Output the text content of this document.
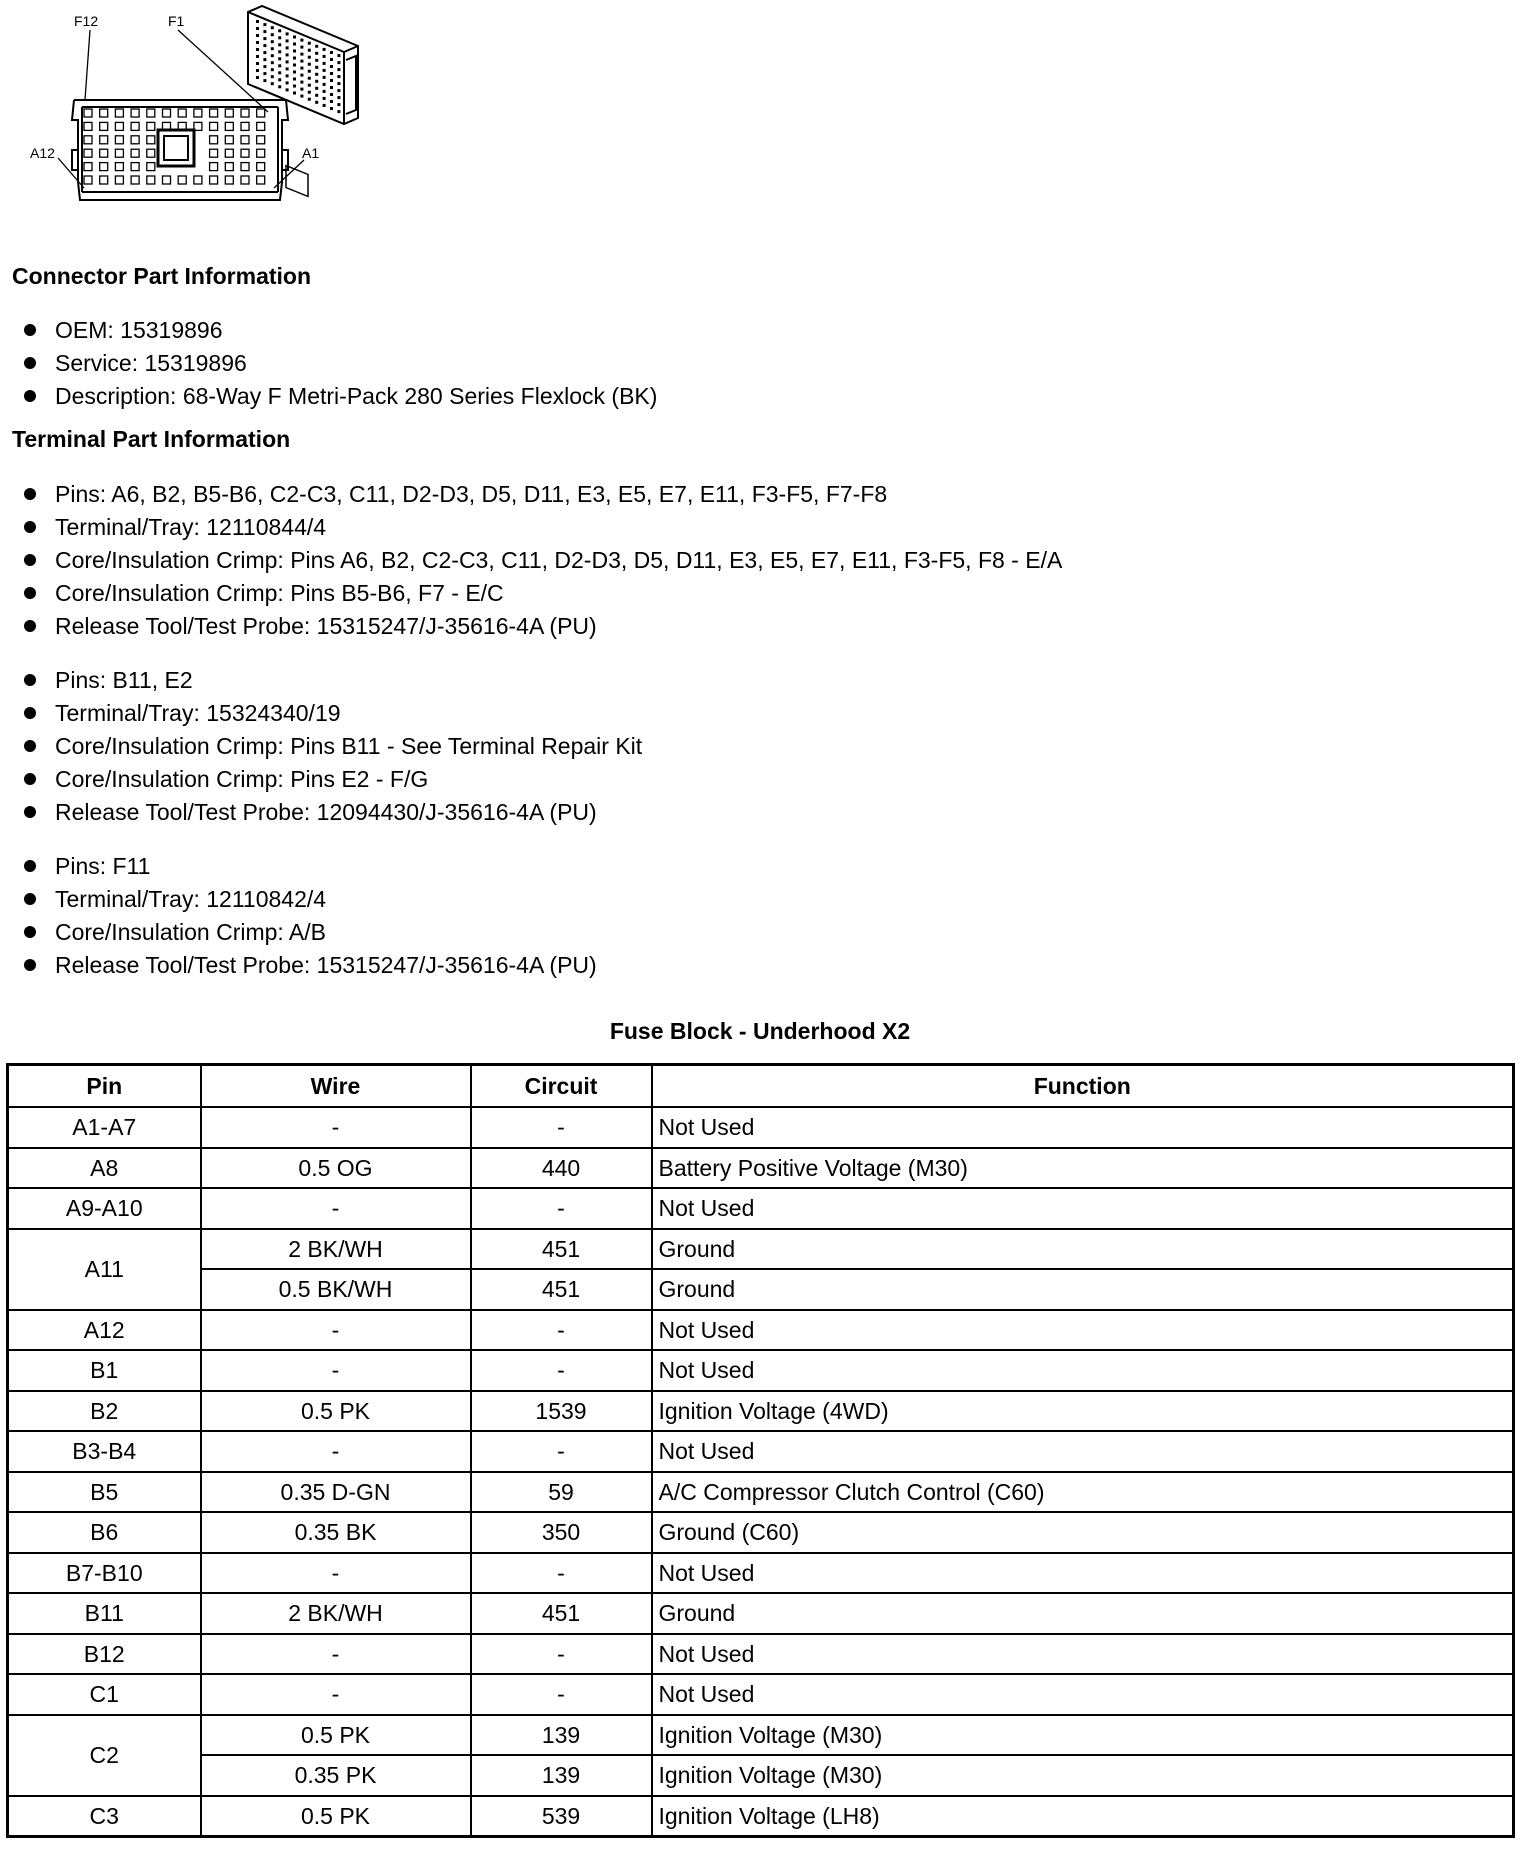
F12	F1
A12	A1
Connector Part Information
OEM: 15319896
Service: 15319896
Description: 68-Way F Metri-Pack 280 Series Flexlock (BK)
Terminal Part Information
Pins: A6, B2, B5-B6, C2-C3, C11, D2-D3, D5, D11, E3, E5, E7, E11, F3-F5, F7-F8
Terminal/Tray: 12110844/4
Core/Insulation Crimp: Pins A6, B2, C2-C3, C11, D2-D3, D5, D11, E3, E5, E7, E11, F3-F5, F8 - E/A
Core/Insulation Crimp: Pins B5-B6, F7 - E/C
Release Tool/Test Probe: 15315247/J-35616-4A (PU)
Pins: B11, E2
Terminal/Tray: 15324340/19
Core/Insulation Crimp: Pins B11 - See Terminal Repair Kit
Core/Insulation Crimp: Pins E2 - F/G
Release Tool/Test Probe: 12094430/J-35616-4A (PU)
Pins: F11
Terminal/Tray: 12110842/4
Core/Insulation Crimp: A/B
Release Tool/Test Probe: 15315247/J-35616-4A (PU)
Fuse Block - Underhood X2
Pin	Wire	Circuit	Function
A1-A7	-	-	Not Used
A8	0.5 OG	440	Battery Positive Voltage (M30)
A9-A10	-	-	Not Used
A11	2 BK/WH	451	Ground
	0.5 BK/WH	451	Ground
A12	-	-	Not Used
B1	-	-	Not Used
B2	0.5 PK	1539	Ignition Voltage (4WD)
B3-B4	-	-	Not Used
B5	0.35 D-GN	59	A/C Compressor Clutch Control (C60)
B6	0.35 BK	350	Ground (C60)
B7-B10	-	-	Not Used
B11	2 BK/WH	451	Ground
B12	-	-	Not Used
C1	-	-	Not Used
C2	0.5 PK	139	Ignition Voltage (M30)
	0.35 PK	139	Ignition Voltage (M30)
C3	0.5 PK	539	Ignition Voltage (LH8)
